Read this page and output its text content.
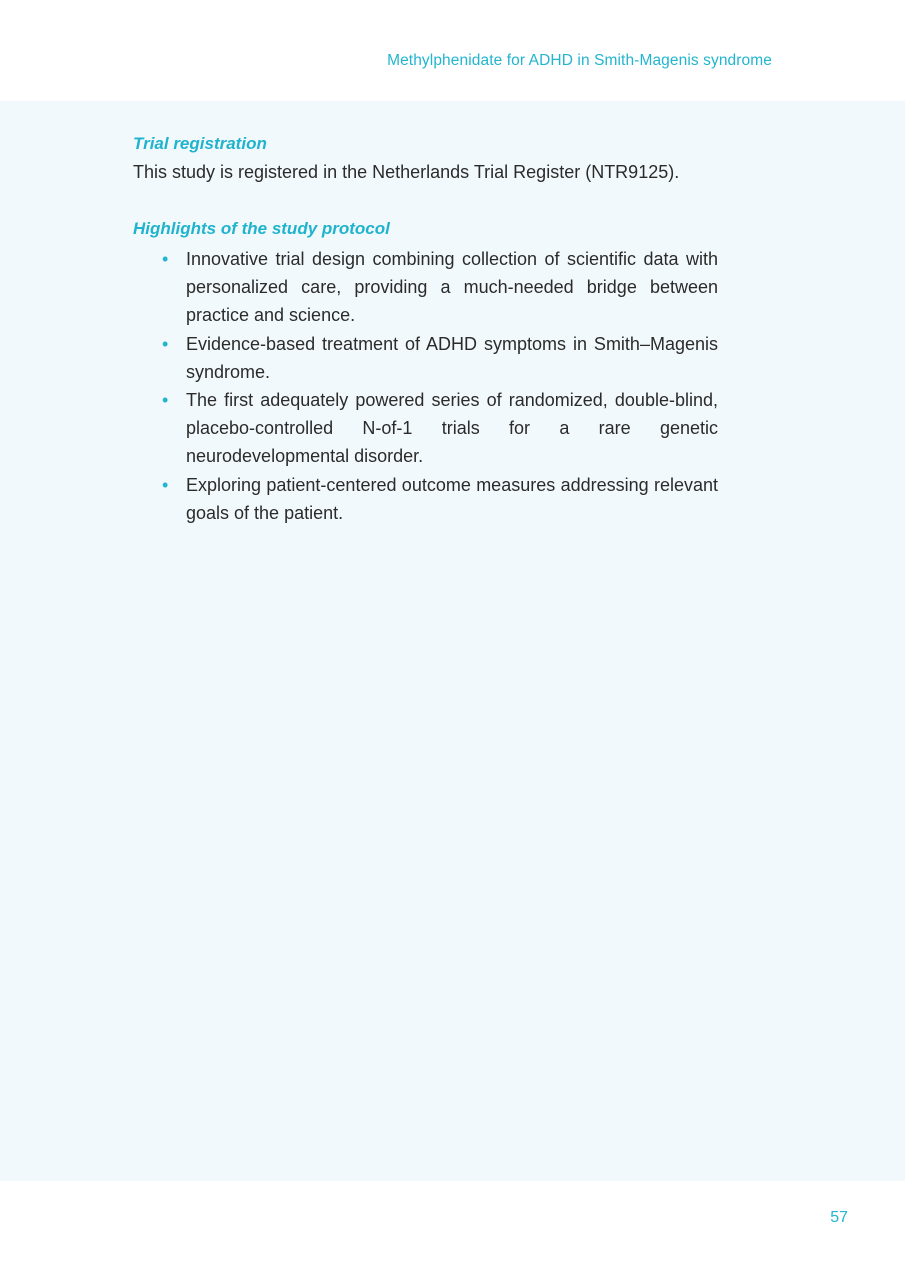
Methylphenidate for ADHD in Smith-Magenis syndrome
Trial registration
This study is registered in the Netherlands Trial Register (NTR9125).
Highlights of the study protocol
• Innovative trial design combining collection of scientific data with personalized care, providing a much-needed bridge between practice and science.
• Evidence-based treatment of ADHD symptoms in Smith–Magenis syndrome.
• The first adequately powered series of randomized, double-blind, placebo-controlled N-of-1 trials for a rare genetic neurodevelopmental disorder.
• Exploring patient-centered outcome measures addressing relevant goals of the patient.
57
